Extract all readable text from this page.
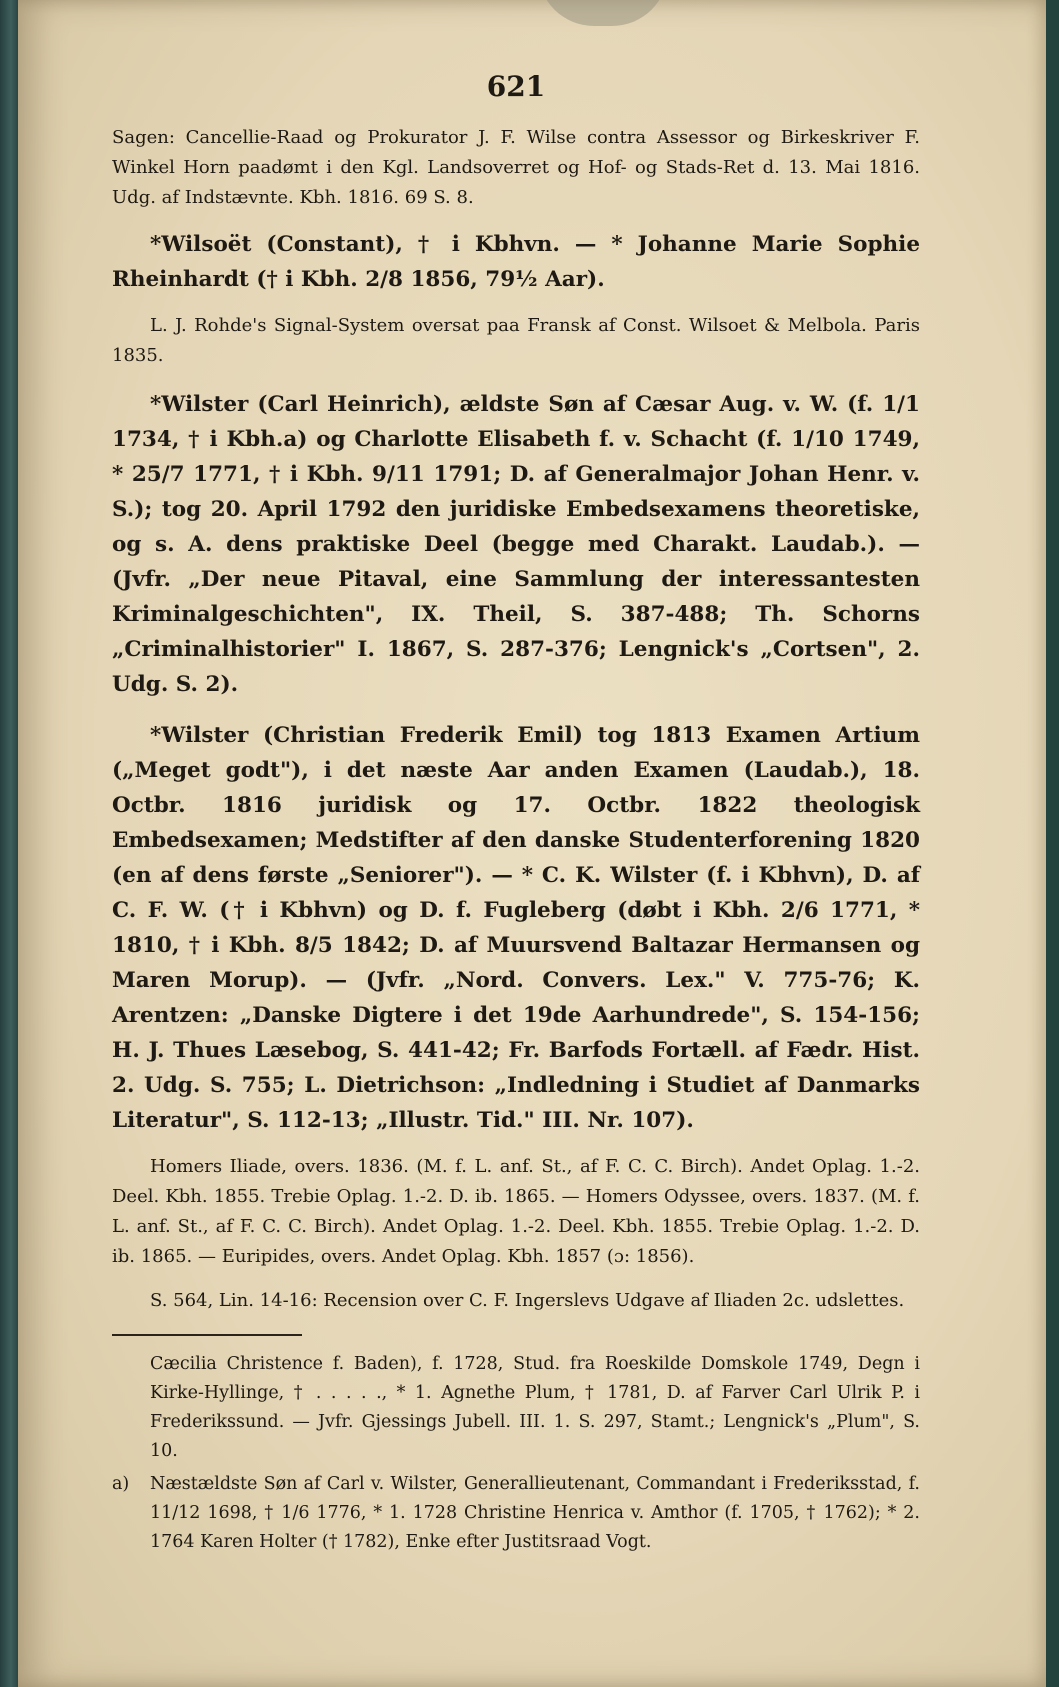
621

Sagen: Cancellie-Raad og Prokurator J. F. Wilse contra Assessor og Birkeskriver F. Winkel Horn paadømt i den Kgl. Landsoverret og Hof- og Stads-Ret d. 13. Mai 1816. Udg. af Indstævnte. Kbh. 1816. 69 S. 8.

*Wilsoët (Constant), † i Kbhvn. — * Johanne Marie Sophie Rheinhardt († i Kbh. 2/8 1856, 79½ Aar).

L. J. Rohde's Signal-System oversat paa Fransk af Const. Wilsoet & Melbola. Paris 1835.

*Wilster (Carl Heinrich), ældste Søn af Cæsar Aug. v. W. (f. 1/1 1734, † i Kbh.a) og Charlotte Elisabeth f. v. Schacht (f. 1/10 1749, * 25/7 1771, † i Kbh. 9/11 1791; D. af Generalmajor Johan Henr. v. S.); tog 20. April 1792 den juridiske Embedsexamens theoretiske, og s. A. dens praktiske Deel (begge med Charakt. Laudab.). — (Jvfr. „Der neue Pitaval, eine Sammlung der interessantesten Kriminalgeschichten", IX. Theil, S. 387-488; Th. Schorns „Criminalhistorier" I. 1867, S. 287-376; Lengnick's „Cortsen", 2. Udg. S. 2).

*Wilster (Christian Frederik Emil) tog 1813 Examen Artium („Meget godt"), i det næste Aar anden Examen (Laudab.), 18. Octbr. 1816 juridisk og 17. Octbr. 1822 theologisk Embedsexamen; Medstifter af den danske Studenterforening 1820 (en af dens første „Seniorer"). — * C. K. Wilster (f. i Kbhvn), D. af C. F. W. († i Kbhvn) og D. f. Fugleberg (døbt i Kbh. 2/6 1771, * 1810, † i Kbh. 8/5 1842; D. af Muursvend Baltazar Hermansen og Maren Morup). — (Jvfr. „Nord. Convers. Lex." V. 775-76; K. Arentzen: „Danske Digtere i det 19de Aarhundrede", S. 154-156; H. J. Thues Læsebog, S. 441-42; Fr. Barfods Fortæll. af Fædr. Hist. 2. Udg. S. 755; L. Dietrichson: „Indledning i Studiet af Danmarks Literatur", S. 112-13; „Illustr. Tid." III. Nr. 107).

Homers Iliade, overs. 1836. (M. f. L. anf. St., af F. C. C. Birch). Andet Oplag. 1.-2. Deel. Kbh. 1855. Trebie Oplag. 1.-2. D. ib. 1865. — Homers Odyssee, overs. 1837. (M. f. L. anf. St., af F. C. C. Birch). Andet Oplag. 1.-2. Deel. Kbh. 1855. Trebie Oplag. 1.-2. D. ib. 1865. — Euripides, overs. Andet Oplag. Kbh. 1857 (ɔ: 1856).

S. 564, Lin. 14-16: Recension over C. F. Ingerslevs Udgave af Iliaden 2c. udslettes.

Cæcilia Christence f. Baden), f. 1728, Stud. fra Roeskilde Domskole 1749, Degn i Kirke-Hyllinge, † . . . . ., * 1. Agnethe Plum, † 1781, D. af Farver Carl Ulrik P. i Frederikssund. — Jvfr. Gjessings Jubell. III. 1. S. 297, Stamt.; Lengnick's „Plum", S. 10.

a)	Næstældste Søn af Carl v. Wilster, Generallieutenant, Commandant i Frederiksstad, f. 11/12 1698, † 1/6 1776, * 1. 1728 Christine Henrica v. Amthor (f. 1705, † 1762); * 2. 1764 Karen Holter († 1782), Enke efter Justitsraad Vogt.
